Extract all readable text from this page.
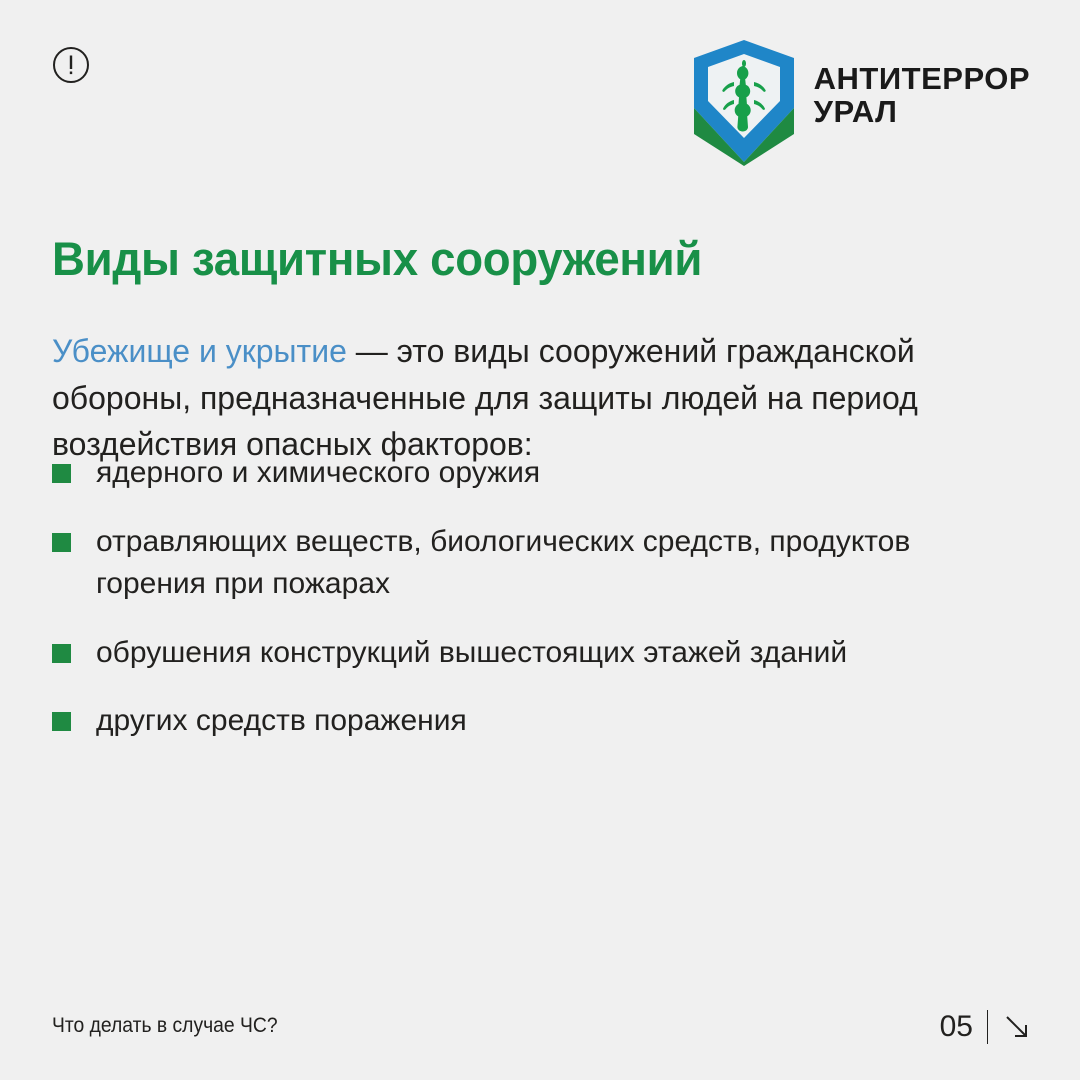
АНТИТЕРРОР
УРАЛ
Виды защитных сооружений

Убежище и укрытие — это виды сооружений гражданской обороны, предназначенные для защиты людей на период воздействия опасных факторов:

ядерного и химического оружия
отравляющих веществ, биологических средств, продуктов горения при пожарах
обрушения конструкций вышестоящих этажей зданий
других средств поражения
Что делать в случае ЧС?	05
